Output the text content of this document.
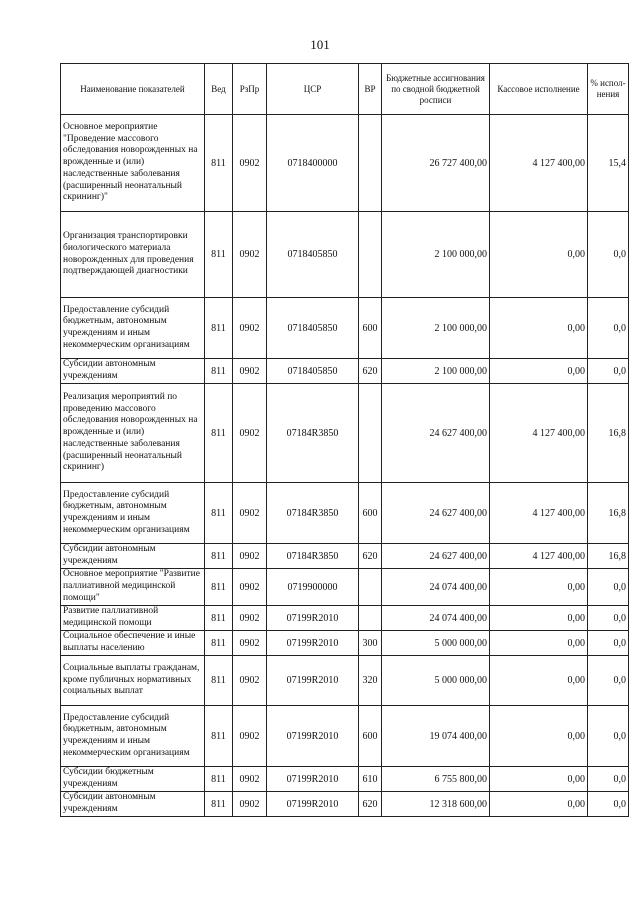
101
Наименование показателей	Вед	РзПр	ЦСР	ВР	Бюджетные ассигнования по сводной бюджетной росписи	Кассовое исполнение	% испол-нения
Основное мероприятие "Проведение массового обследования новорожденных на врожденные и (или) наследственные заболевания (расширенный неонатальный скрининг)"	811	0902	0718400000		26 727 400,00	4 127 400,00	15,4
Организация транспортировки биологического материала новорожденных для проведения подтверждающей диагностики	811	0902	0718405850		2 100 000,00	0,00	0,0
Предоставление субсидий бюджетным, автономным учреждениям и иным некоммерческим организациям	811	0902	0718405850	600	2 100 000,00	0,00	0,0
Субсидии автономным учреждениям	811	0902	0718405850	620	2 100 000,00	0,00	0,0
Реализация мероприятий по проведению массового обследования новорожденных на врожденные и (или) наследственные заболевания (расширенный неонатальный скрининг)	811	0902	07184R3850		24 627 400,00	4 127 400,00	16,8
Предоставление субсидий бюджетным, автономным учреждениям и иным некоммерческим организациям	811	0902	07184R3850	600	24 627 400,00	4 127 400,00	16,8
Субсидии автономным учреждениям	811	0902	07184R3850	620	24 627 400,00	4 127 400,00	16,8
Основное мероприятие "Развитие паллиативной медицинской помощи"	811	0902	0719900000		24 074 400,00	0,00	0,0
Развитие паллиативной медицинской помощи	811	0902	07199R2010		24 074 400,00	0,00	0,0
Социальное обеспечение и иные выплаты населению	811	0902	07199R2010	300	5 000 000,00	0,00	0,0
Социальные выплаты гражданам, кроме публичных нормативных социальных выплат	811	0902	07199R2010	320	5 000 000,00	0,00	0,0
Предоставление субсидий бюджетным, автономным учреждениям и иным некоммерческим организациям	811	0902	07199R2010	600	19 074 400,00	0,00	0,0
Субсидии бюджетным учреждениям	811	0902	07199R2010	610	6 755 800,00	0,00	0,0
Субсидии автономным учреждениям	811	0902	07199R2010	620	12 318 600,00	0,00	0,0
